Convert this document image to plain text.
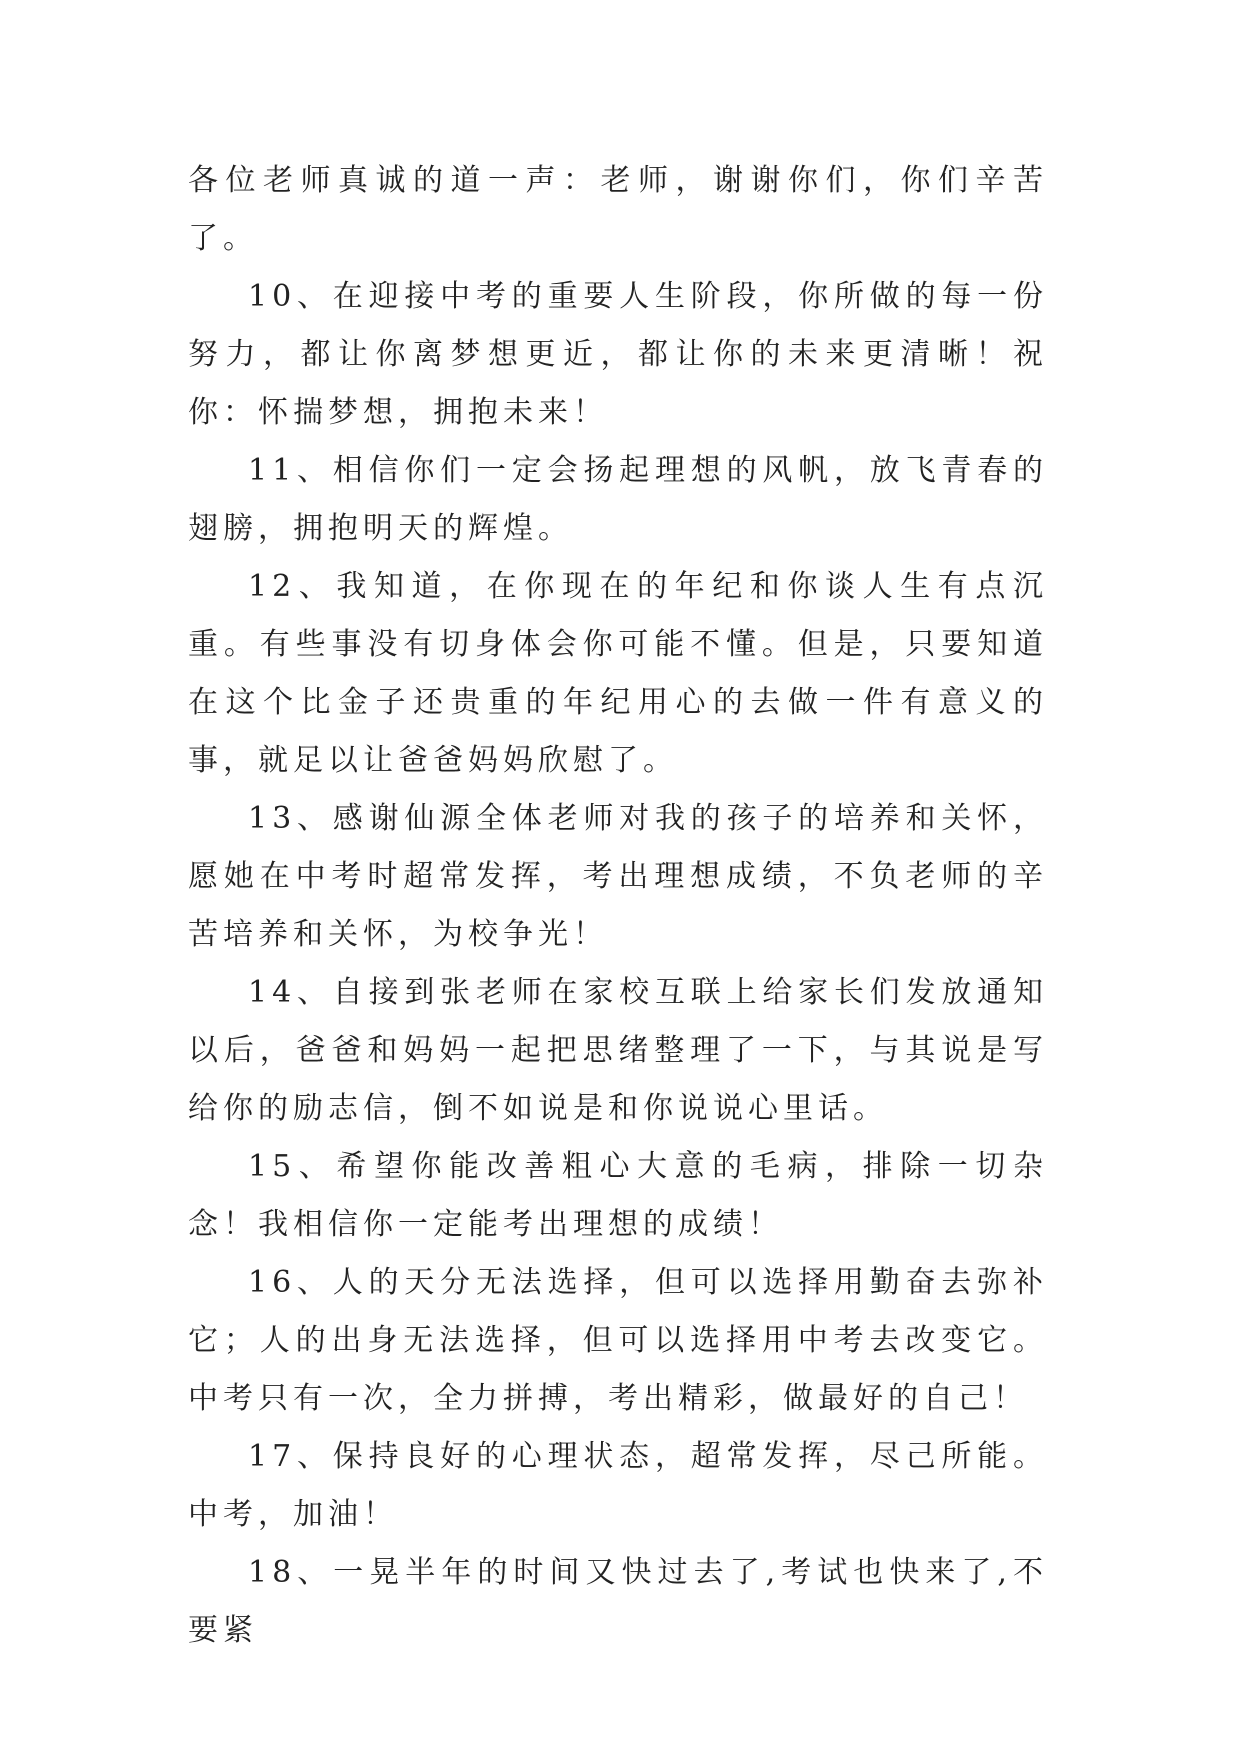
各位老师真诚的道一声：老师，谢谢你们，你们辛苦了。

10、在迎接中考的重要人生阶段，你所做的每一份努力，都让你离梦想更近，都让你的未来更清晰！祝你：怀揣梦想，拥抱未来！

11、相信你们一定会扬起理想的风帆，放飞青春的翅膀，拥抱明天的辉煌。

12、我知道，在你现在的年纪和你谈人生有点沉重。有些事没有切身体会你可能不懂。但是，只要知道在这个比金子还贵重的年纪用心的去做一件有意义的事，就足以让爸爸妈妈欣慰了。

13、感谢仙源全体老师对我的孩子的培养和关怀，愿她在中考时超常发挥，考出理想成绩，不负老师的辛苦培养和关怀，为校争光！

14、自接到张老师在家校互联上给家长们发放通知以后，爸爸和妈妈一起把思绪整理了一下，与其说是写给你的励志信，倒不如说是和你说说心里话。

15、希望你能改善粗心大意的毛病，排除一切杂念！我相信你一定能考出理想的成绩！

16、人的天分无法选择，但可以选择用勤奋去弥补它；人的出身无法选择，但可以选择用中考去改变它。中考只有一次，全力拼搏，考出精彩，做最好的自己！

17、保持良好的心理状态，超常发挥，尽己所能。中考，加油！

18、一晃半年的时间又快过去了,考试也快来了,不要紧
